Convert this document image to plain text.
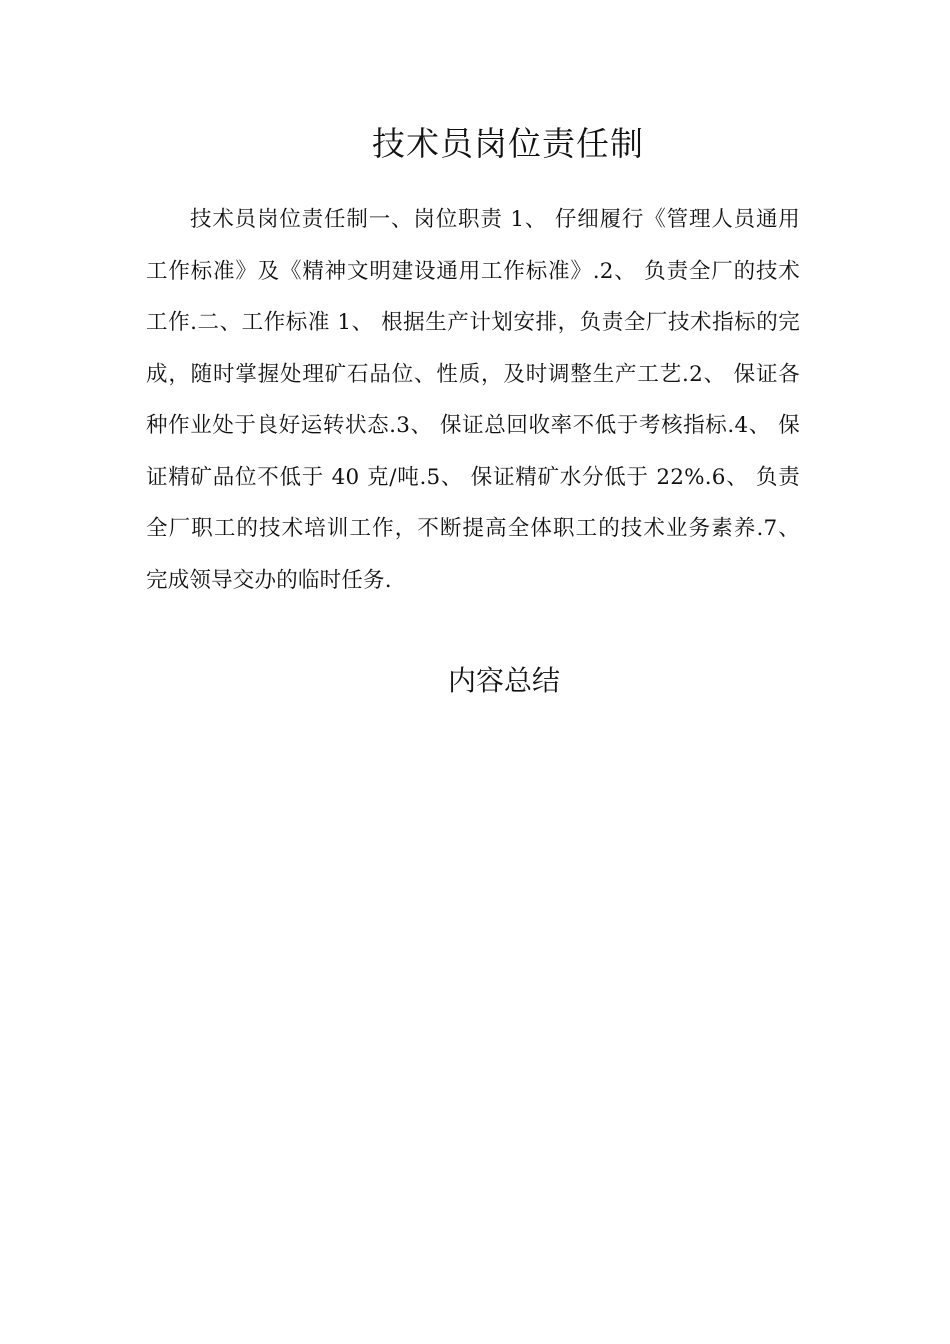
技术员岗位责任制

技术员岗位责任制一、岗位职责 1、 仔细履行《管理人员通用工作标准》及《精神文明建设通用工作标准》.2、 负责全厂的技术工作.二、工作标准 1、 根据生产计划安排，负责全厂技术指标的完成，随时掌握处理矿石品位、性质，及时调整生产工艺.2、 保证各种作业处于良好运转状态.3、 保证总回收率不低于考核指标.4、 保证精矿品位不低于 40 克/吨.5、 保证精矿水分低于 22%.6、 负责全厂职工的技术培训工作，不断提高全体职工的技术业务素养.7、 完成领导交办的临时任务.

内容总结
